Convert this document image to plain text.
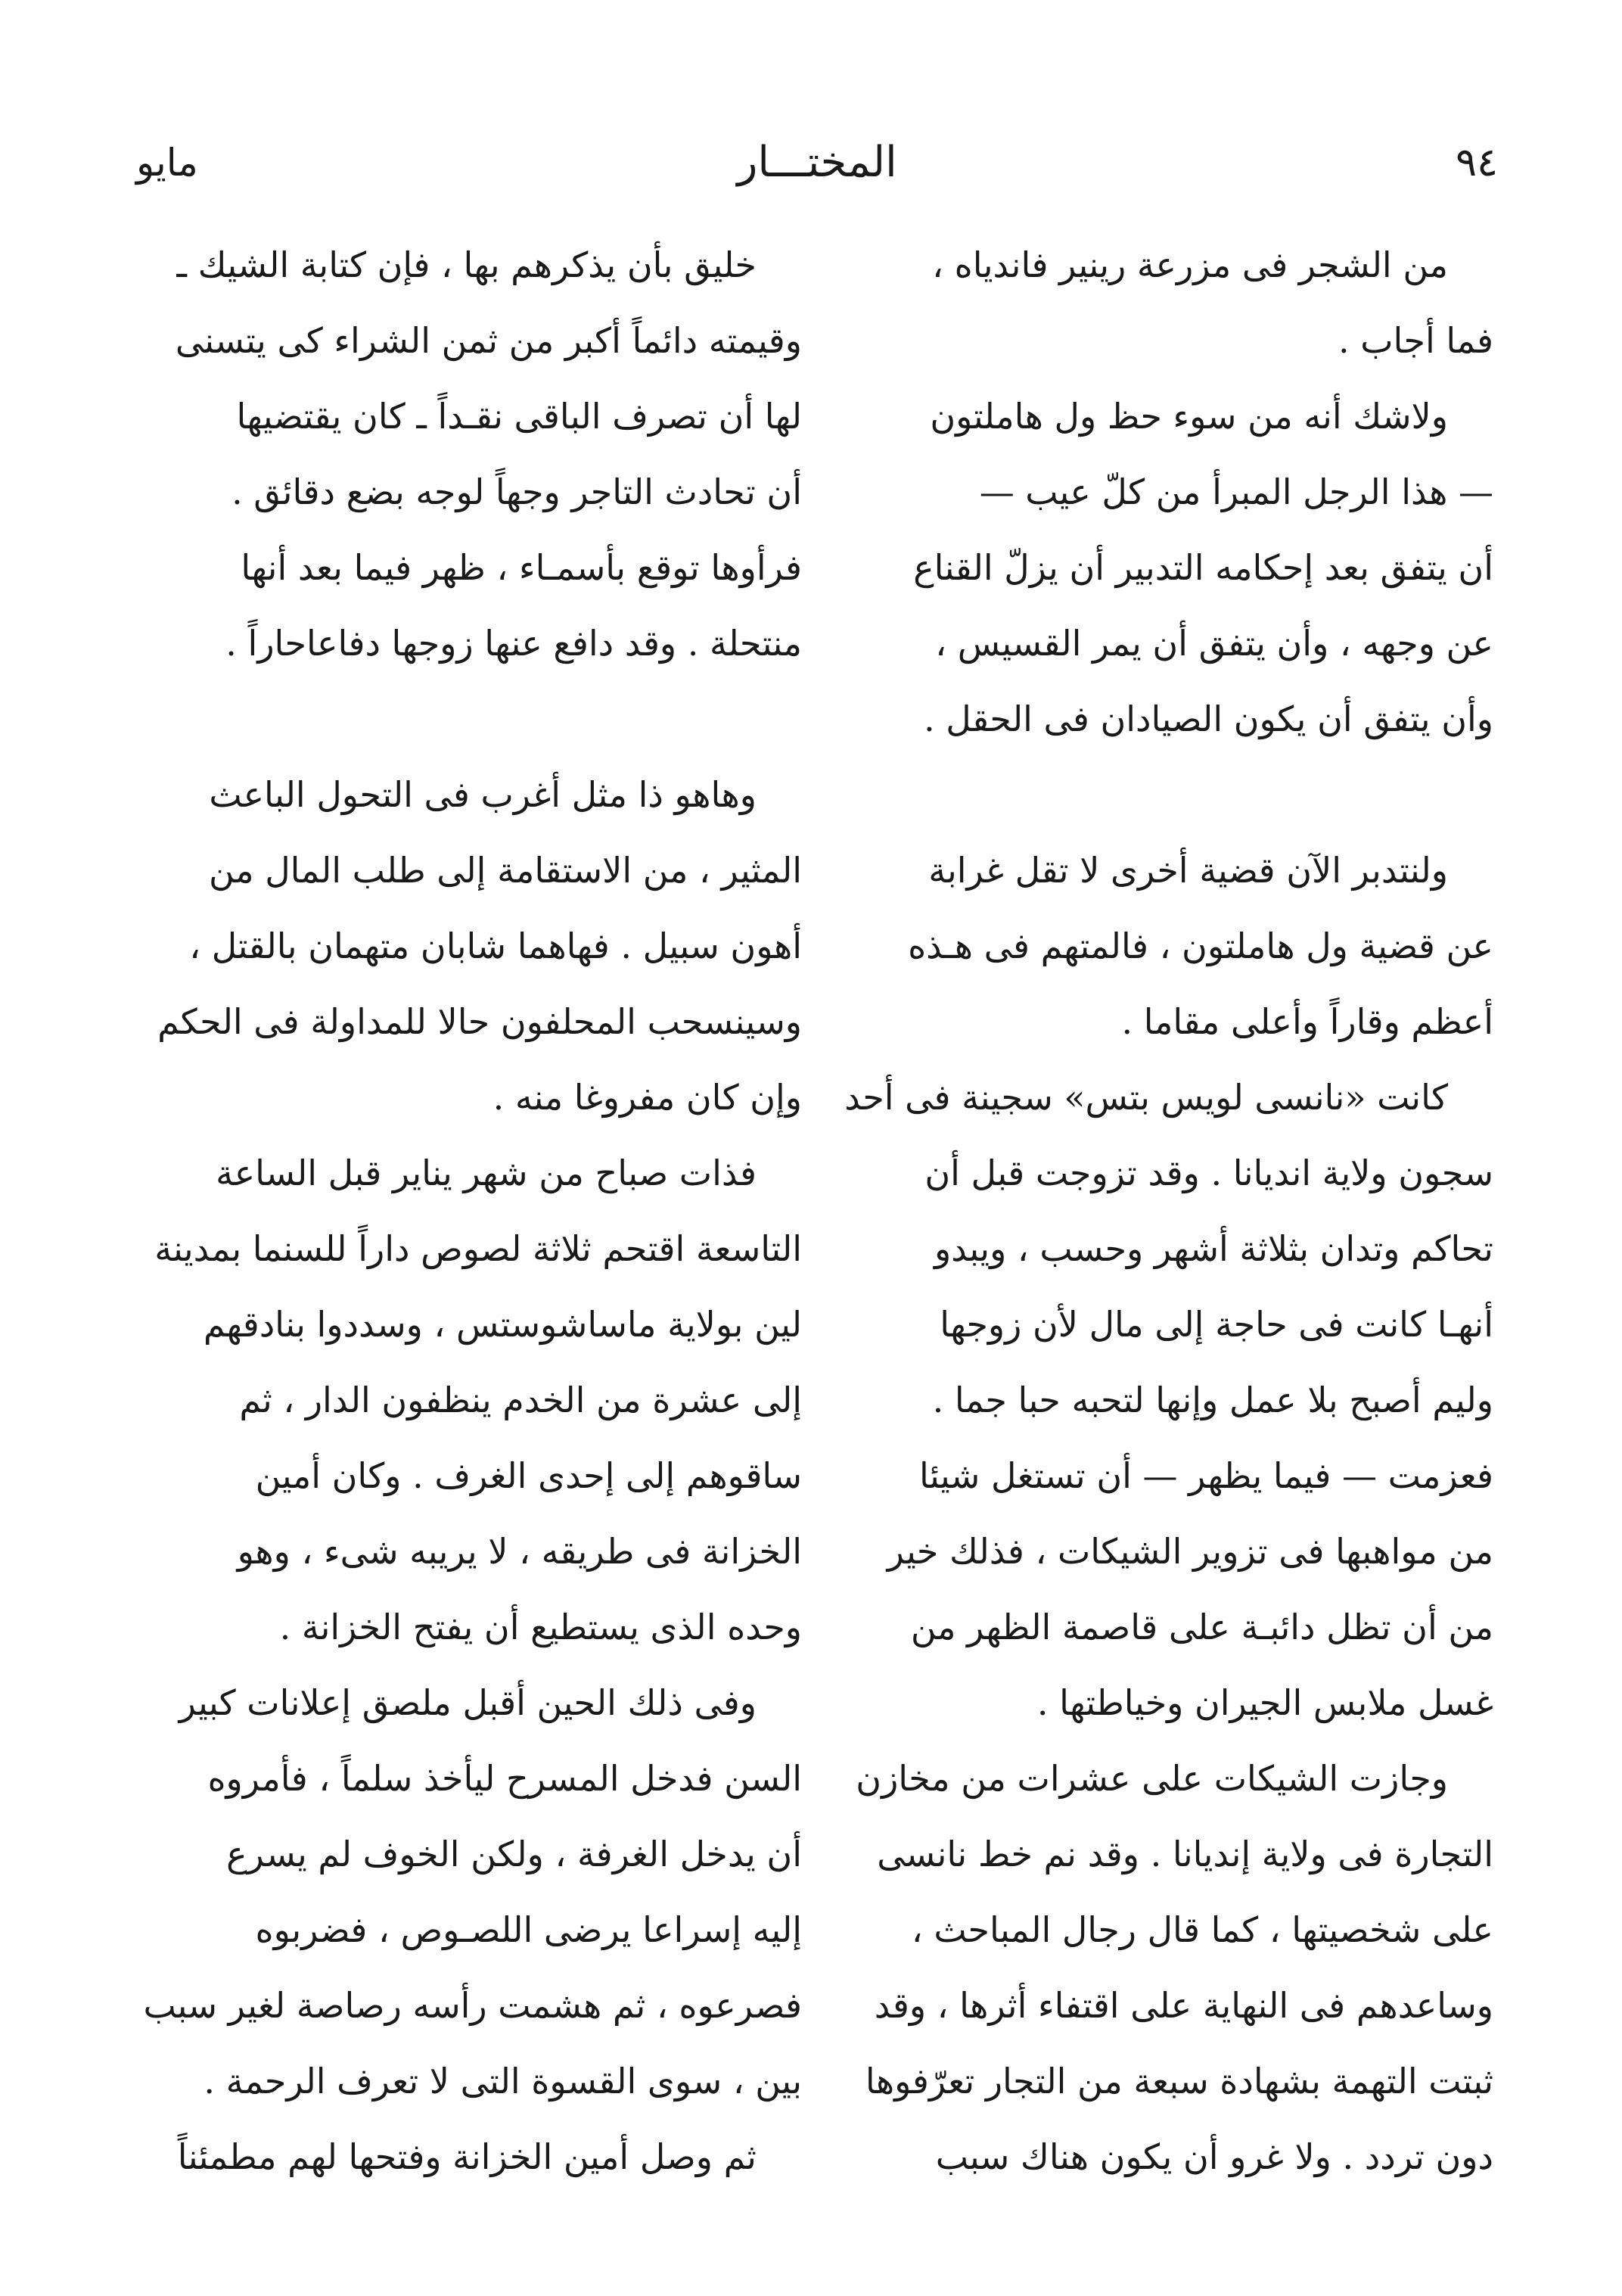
٩٤
المختـــار
مايو
من الشجر فى مزرعة رينير فاندياه ،
فما أجاب .
ولاشك أنه من سوء حظ ول هاملتون
— هذا الرجل المبرأ من كلّ عيب —
أن يتفق بعد إحكامه التدبير أن يزلّ القناع
عن وجهه ، وأن يتفق أن يمر القسيس ،
وأن يتفق أن يكون الصيادان فى الحقل .
ولنتدبر الآن قضية أخرى لا تقل غرابة
عن قضية ول هاملتون ، فالمتهم فى هـذه
أعظم وقاراً وأعلى مقاما .
كانت «نانسى لويس بتس» سجينة فى أحد
سجون ولاية انديانا . وقد تزوجت قبل أن
تحاكم وتدان بثلاثة أشهر وحسب ، ويبدو
أنهـا كانت فى حاجة إلى مال لأن زوجها
وليم أصبح بلا عمل وإنها لتحبه حبا جما .
فعزمت — فيما يظهر — أن تستغل شيئا
من مواهبها فى تزوير الشيكات ، فذلك خير
من أن تظل دائبـة على قاصمة الظهر من
غسل ملابس الجيران وخياطتها .
وجازت الشيكات على عشرات من مخازن
التجارة فى ولاية إنديانا . وقد نم خط نانسى
على شخصيتها ، كما قال رجال المباحث ،
وساعدهم فى النهاية على اقتفاء أثرها ، وقد
ثبتت التهمة بشهادة سبعة من التجار تعرّفوها
دون تردد . ولا غرو أن يكون هناك سبب
خليق بأن يذكرهم بها ، فإن كتابة الشيك ـ
وقيمته دائماً أكبر من ثمن الشراء كى يتسنى
لها أن تصرف الباقى نقـداً ـ كان يقتضيها
أن تحادث التاجر وجهاً لوجه بضع دقائق .
فرأوها توقع بأسمـاء ، ظهر فيما بعد أنها
منتحلة . وقد دافع عنها زوجها دفاعاحاراً .
وهاهو ذا مثل أغرب فى التحول الباعث
المثير ، من الاستقامة إلى طلب المال من
أهون سبيل . فهاهما شابان متهمان بالقتل ،
وسينسحب المحلفون حالا للمداولة فى الحكم
وإن كان مفروغا منه .
فذات صباح من شهر يناير قبل الساعة
التاسعة اقتحم ثلاثة لصوص داراً للسنما بمدينة
لين بولاية ماساشوستس ، وسددوا بنادقهم
إلى عشرة من الخدم ينظفون الدار ، ثم
ساقوهم إلى إحدى الغرف . وكان أمين
الخزانة فى طريقه ، لا يريبه شىء ، وهو
وحده الذى يستطيع أن يفتح الخزانة .
وفى ذلك الحين أقبل ملصق إعلانات كبير
السن فدخل المسرح ليأخذ سلماً ، فأمروه
أن يدخل الغرفة ، ولكن الخوف لم يسرع
إليه إسراعا يرضى اللصـوص ، فضربوه
فصرعوه ، ثم هشمت رأسه رصاصة لغير سبب
بين ، سوى القسوة التى لا تعرف الرحمة .
ثم وصل أمين الخزانة وفتحها لهم مطمئناً
